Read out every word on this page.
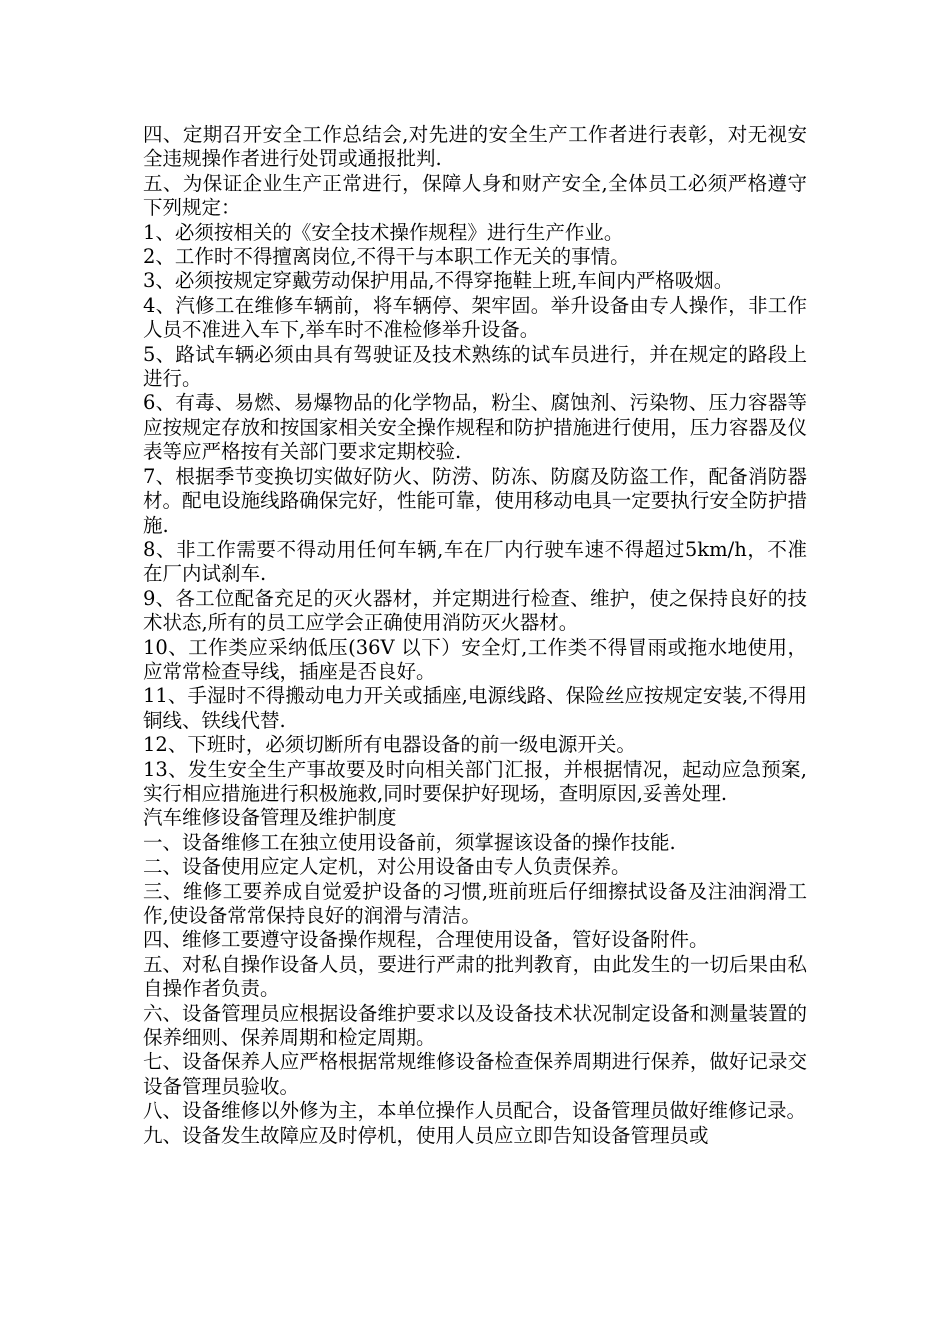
四、定期召开安全工作总结会,对先进的安全生产工作者进行表彰，对无视安全违规操作者进行处罚或通报批判.

五、为保证企业生产正常进行，保障人身和财产安全,全体员工必须严格遵守下列规定：

1、必须按相关的《安全技术操作规程》进行生产作业。

2、工作时不得擅离岗位,不得干与本职工作无关的事情。

3、必须按规定穿戴劳动保护用品,不得穿拖鞋上班,车间内严格吸烟。

4、汽修工在维修车辆前，将车辆停、架牢固。举升设备由专人操作，非工作人员不准进入车下,举车时不准检修举升设备。

5、路试车辆必须由具有驾驶证及技术熟练的试车员进行，并在规定的路段上进行。

6、有毒、易燃、易爆物品的化学物品，粉尘、腐蚀剂、污染物、压力容器等应按规定存放和按国家相关安全操作规程和防护措施进行使用，压力容器及仪表等应严格按有关部门要求定期校验.

7、根据季节变换切实做好防火、防涝、防冻、防腐及防盗工作，配备消防器材。配电设施线路确保完好，性能可靠，使用移动电具一定要执行安全防护措施.

8、非工作需要不得动用任何车辆,车在厂内行驶车速不得超过5km/h，不准在厂内试刹车.

9、各工位配备充足的灭火器材，并定期进行检查、维护，使之保持良好的技术状态,所有的员工应学会正确使用消防灭火器材。

10、工作类应采纳低压(36V 以下）安全灯,工作类不得冒雨或拖水地使用，应常常检查导线，插座是否良好。

11、手湿时不得搬动电力开关或插座,电源线路、保险丝应按规定安装,不得用铜线、铁线代替.

12、下班时，必须切断所有电器设备的前一级电源开关。

13、发生安全生产事故要及时向相关部门汇报，并根据情况，起动应急预案,实行相应措施进行积极施救,同时要保护好现场，查明原因,妥善处理.

汽车维修设备管理及维护制度

一、设备维修工在独立使用设备前，须掌握该设备的操作技能.

二、设备使用应定人定机，对公用设备由专人负责保养。

三、维修工要养成自觉爱护设备的习惯,班前班后仔细擦拭设备及注油润滑工作,使设备常常保持良好的润滑与清洁。

四、维修工要遵守设备操作规程，合理使用设备，管好设备附件。

五、对私自操作设备人员，要进行严肃的批判教育，由此发生的一切后果由私自操作者负责。

六、设备管理员应根据设备维护要求以及设备技术状况制定设备和测量装置的保养细则、保养周期和检定周期。

七、设备保养人应严格根据常规维修设备检查保养周期进行保养，做好记录交设备管理员验收。

八、设备维修以外修为主，本单位操作人员配合，设备管理员做好维修记录。

九、设备发生故障应及时停机，使用人员应立即告知设备管理员或
